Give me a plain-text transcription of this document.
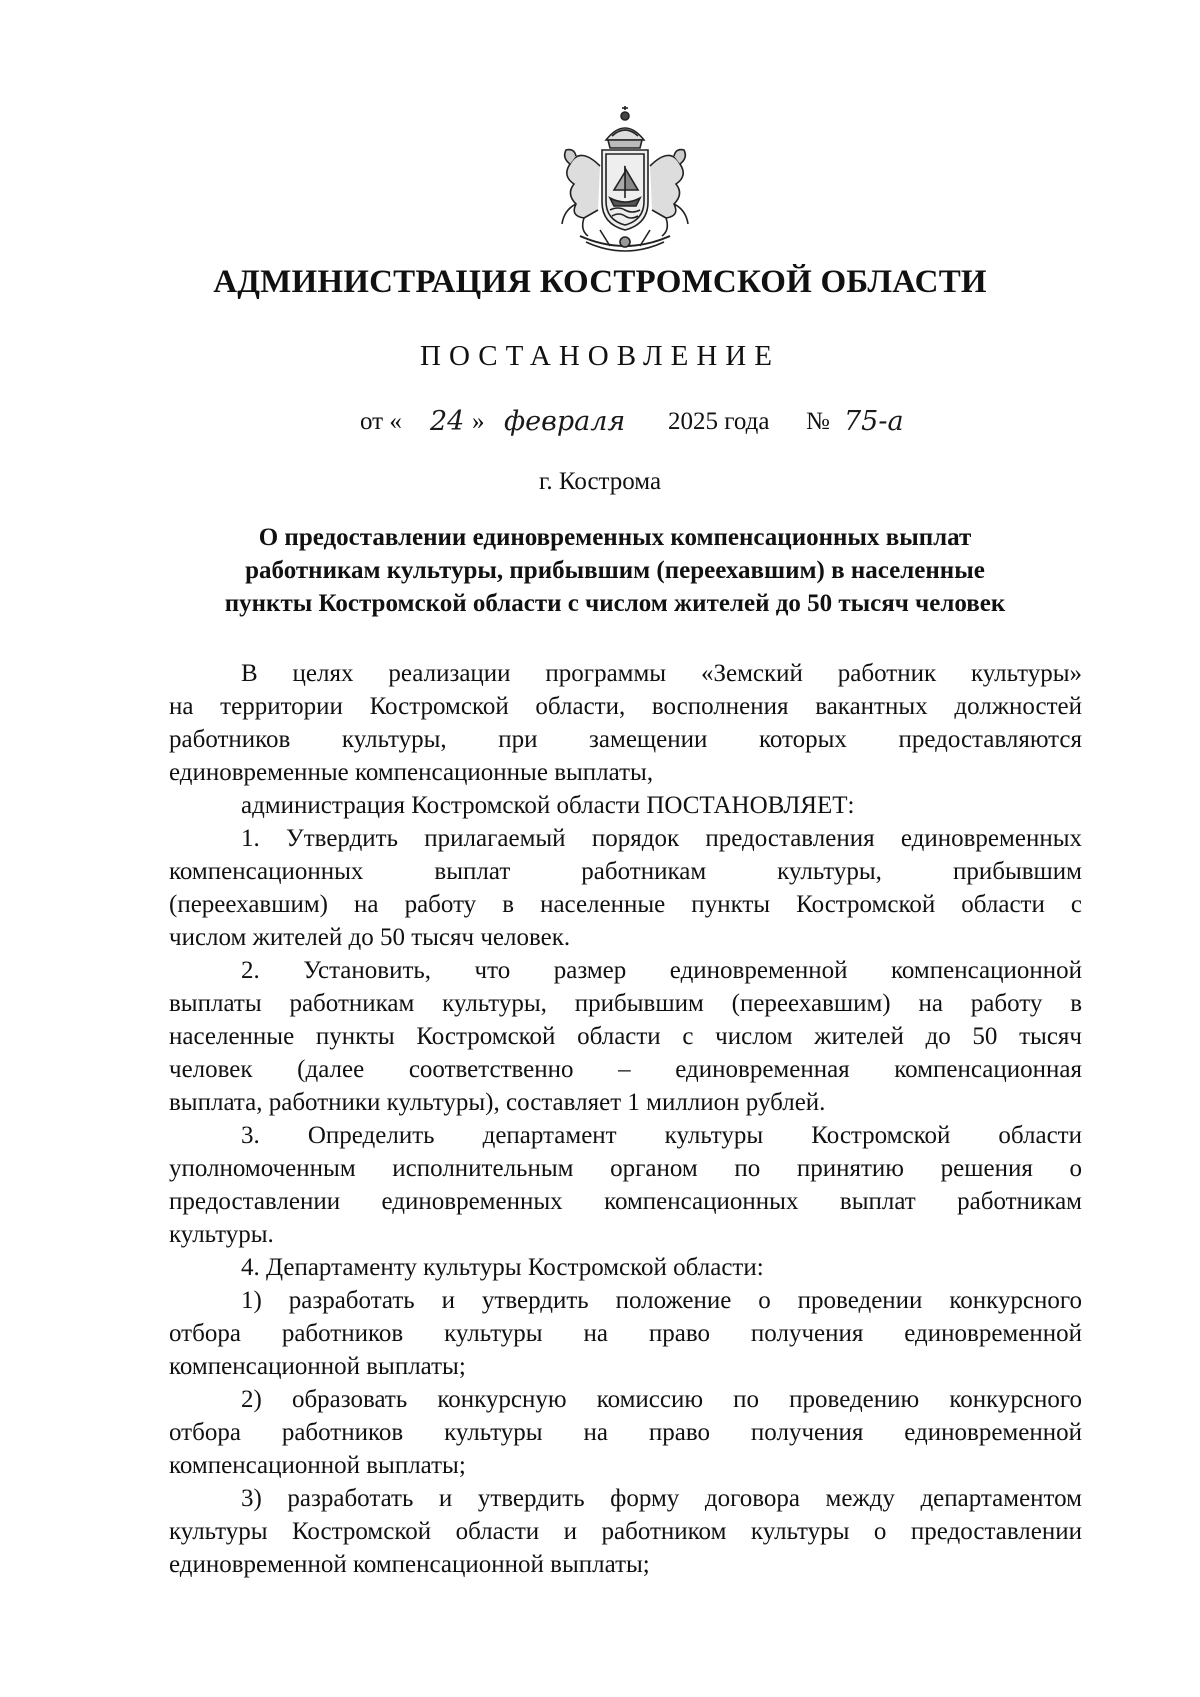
АДМИНИСТРАЦИЯ КОСТРОМСКОЙ ОБЛАСТИ
ПОСТАНОВЛЕНИЕ
от « 24 » февраля 2025 года № 75-а
г. Кострома
О предоставлении единовременных компенсационных выплат
работникам культуры, прибывшим (переехавшим) в населенные
пункты Костромской области с числом жителей до 50 тысяч человек
В целях реализации программы «Земский работник культуры»
на территории Костромской области, восполнения вакантных должностей
работников культуры, при замещении которых предоставляются
единовременные компенсационные выплаты,
администрация Костромской области ПОСТАНОВЛЯЕТ:
1. Утвердить прилагаемый порядок предоставления единовременных
компенсационных выплат работникам культуры, прибывшим
(переехавшим) на работу в населенные пункты Костромской области с
числом жителей до 50 тысяч человек.
2. Установить, что размер единовременной компенсационной
выплаты работникам культуры, прибывшим (переехавшим) на работу в
населенные пункты Костромской области с числом жителей до 50 тысяч
человек (далее соответственно – единовременная компенсационная
выплата, работники культуры), составляет 1 миллион рублей.
3. Определить департамент культуры Костромской области
уполномоченным исполнительным органом по принятию решения о
предоставлении единовременных компенсационных выплат работникам
культуры.
4. Департаменту культуры Костромской области:
1) разработать и утвердить положение о проведении конкурсного
отбора работников культуры на право получения единовременной
компенсационной выплаты;
2) образовать конкурсную комиссию по проведению конкурсного
отбора работников культуры на право получения единовременной
компенсационной выплаты;
3) разработать и утвердить форму договора между департаментом
культуры Костромской области и работником культуры о предоставлении
единовременной компенсационной выплаты;
